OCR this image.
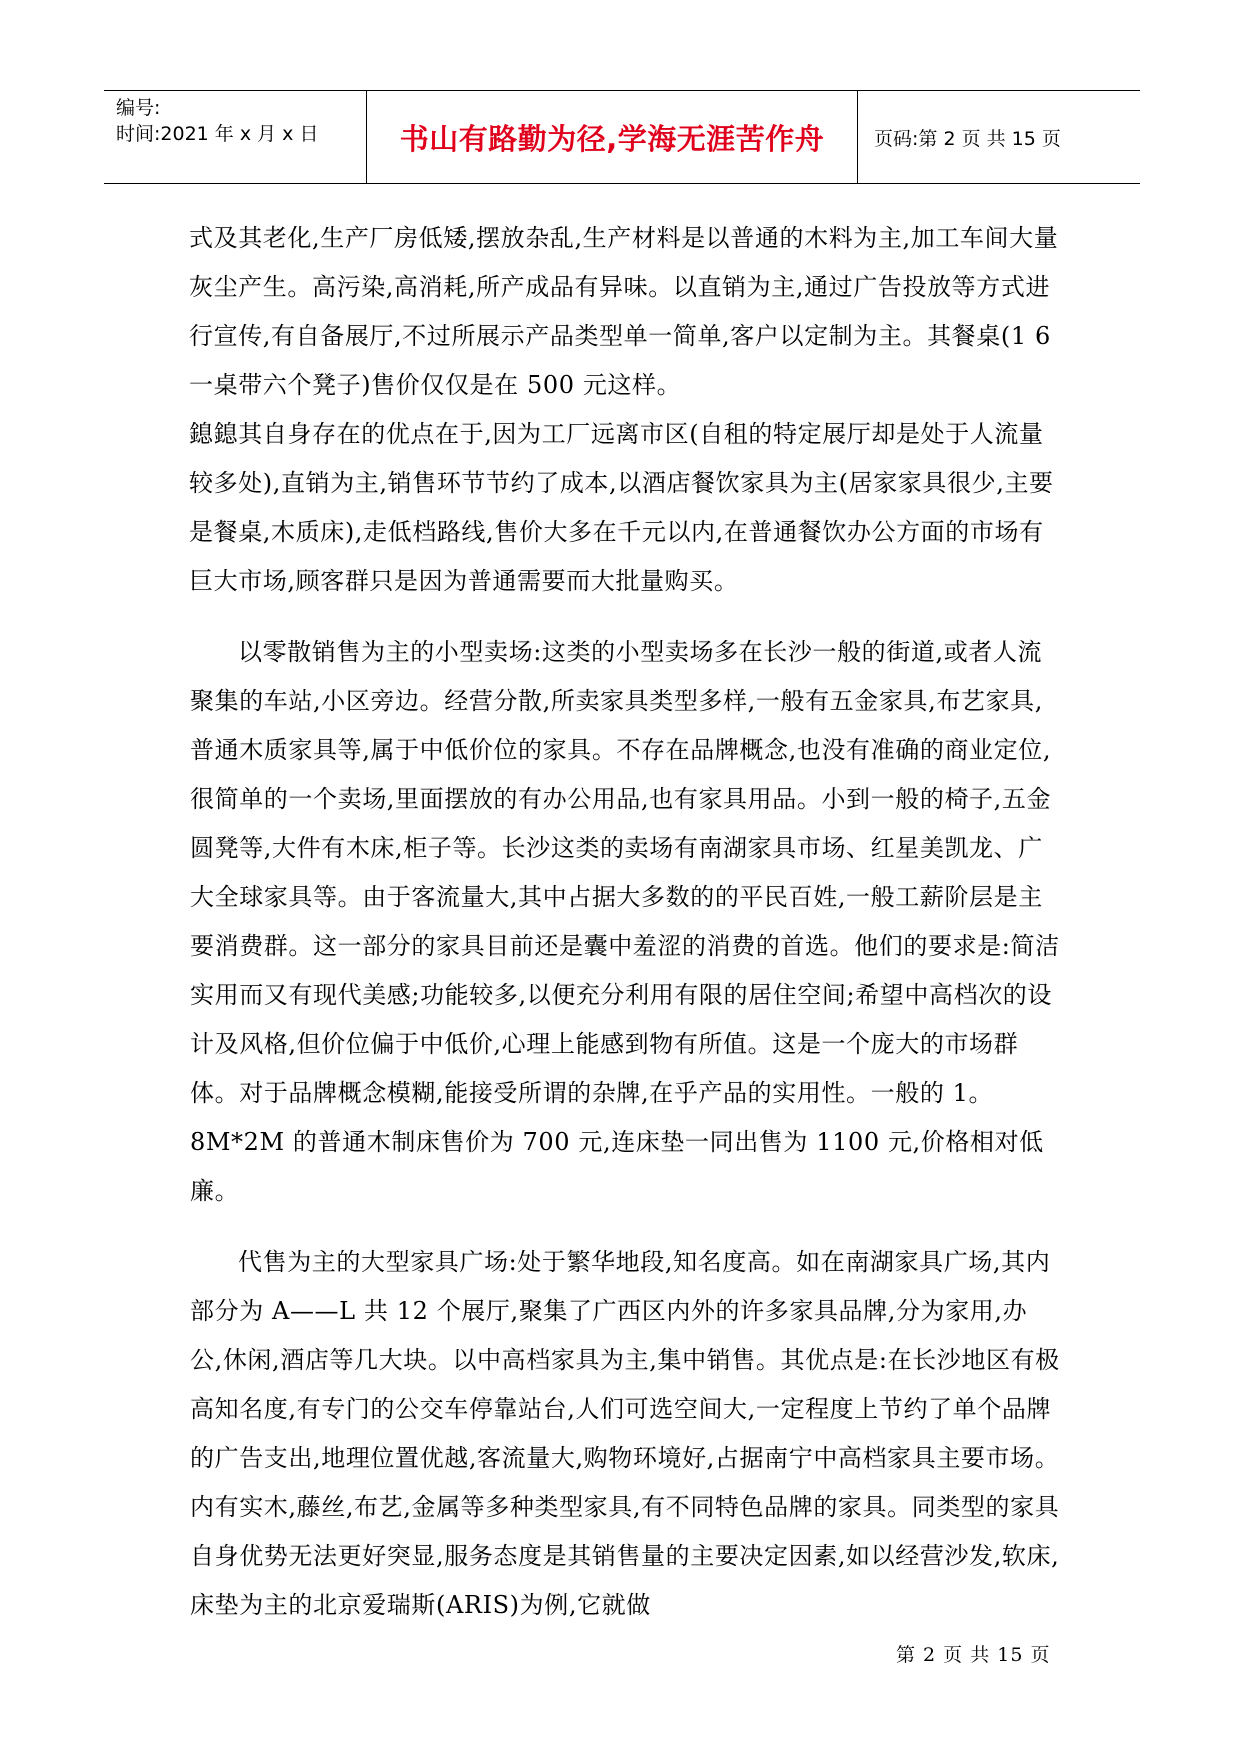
编号:
时间:2021 年 x 月 x 日	书山有路勤为径,学海无涯苦作舟	页码:第 2 页 共 15 页

式及其老化,生产厂房低矮,摆放杂乱,生产材料是以普通的木料为主,加工车间大量灰尘产生。高污染,高消耗,所产成品有异味。以直销为主,通过广告投放等方式进行宣传,有自备展厅,不过所展示产品类型单一简单,客户以定制为主。其餐桌(1 6一桌带六个凳子)售价仅仅是在 500 元这样。

鎴鎴其自身存在的优点在于,因为工厂远离市区(自租的特定展厅却是处于人流量较多处),直销为主,销售环节节约了成本,以酒店餐饮家具为主(居家家具很少,主要是餐桌,木质床),走低档路线,售价大多在千元以内,在普通餐饮办公方面的市场有巨大市场,顾客群只是因为普通需要而大批量购买。

以零散销售为主的小型卖场:这类的小型卖场多在长沙一般的街道,或者人流聚集的车站,小区旁边。经营分散,所卖家具类型多样,一般有五金家具,布艺家具,普通木质家具等,属于中低价位的家具。不存在品牌概念,也没有准确的商业定位,很简单的一个卖场,里面摆放的有办公用品,也有家具用品。小到一般的椅子,五金圆凳等,大件有木床,柜子等。长沙这类的卖场有南湖家具市场、红星美凯龙、广大全球家具等。由于客流量大,其中占据大多数的的平民百姓,一般工薪阶层是主要消费群。这一部分的家具目前还是囊中羞涩的消费的首选。他们的要求是:简洁实用而又有现代美感;功能较多,以便充分利用有限的居住空间;希望中高档次的设计及风格,但价位偏于中低价,心理上能感到物有所值。这是一个庞大的市场群体。对于品牌概念模糊,能接受所谓的杂牌,在乎产品的实用性。一般的 1。8M*2M 的普通木制床售价为 700 元,连床垫一同出售为 1100 元,价格相对低廉。

代售为主的大型家具广场:处于繁华地段,知名度高。如在南湖家具广场,其内部分为 A——L 共 12 个展厅,聚集了广西区内外的许多家具品牌,分为家用,办公,休闲,酒店等几大块。以中高档家具为主,集中销售。其优点是:在长沙地区有极高知名度,有专门的公交车停靠站台,人们可选空间大,一定程度上节约了单个品牌的广告支出,地理位置优越,客流量大,购物环境好,占据南宁中高档家具主要市场。内有实木,藤丝,布艺,金属等多种类型家具,有不同特色品牌的家具。同类型的家具自身优势无法更好突显,服务态度是其销售量的主要决定因素,如以经营沙发,软床,床垫为主的北京爱瑞斯(ARIS)为例,它就做

第 2 页 共 15 页
